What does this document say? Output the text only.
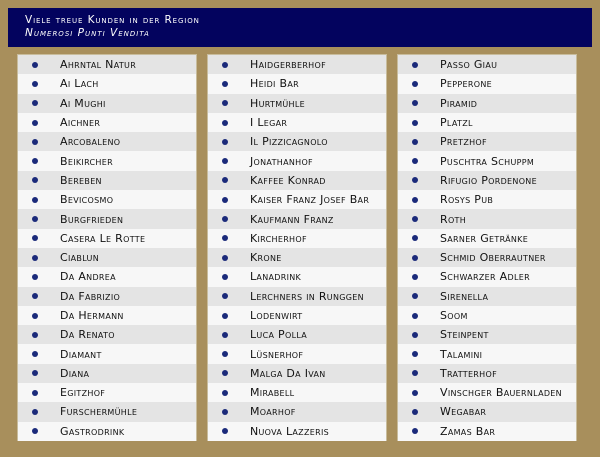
Viele treue Kunden in der Region
Numerosi Punti Vendita
Ahrntal Natur
Ai Lach
Ai Mughi
Aichner
Arcobaleno
Beikircher
Bereben
Bevicosmo
Burgfrieden
Casera Le Rotte
Ciablun
Da Andrea
Da Fabrizio
Da Hermann
Da Renato
Diamant
Diana
Egitzhof
Furschermühle
Gastrodrink
Haidgerberhof
Heidi Bar
Hurtmühle
I Legar
Il Pizzicagnolo
Jonathanhof
Kaffee Konrad
Kaiser Franz Josef Bar
Kaufmann Franz
Kircherhof
Krone
Lanadrink
Lerchners in Runggen
Lodenwirt
Luca Polla
Lüsnerhof
Malga Da Ivan
Mirabell
Moarhof
Nuova Lazzeris
Passo Giau
Pepperone
Piramid
Platzl
Pretzhof
Puschtra Schuppm
Rifugio Pordenone
Rosys Pub
Roth
Sarner Getränke
Schmid Oberrautner
Schwarzer Adler
Sirenella
Soom
Steinpent
Talamini
Tratterhof
Vinschger Bauernladen
Wegabar
Zamas Bar
